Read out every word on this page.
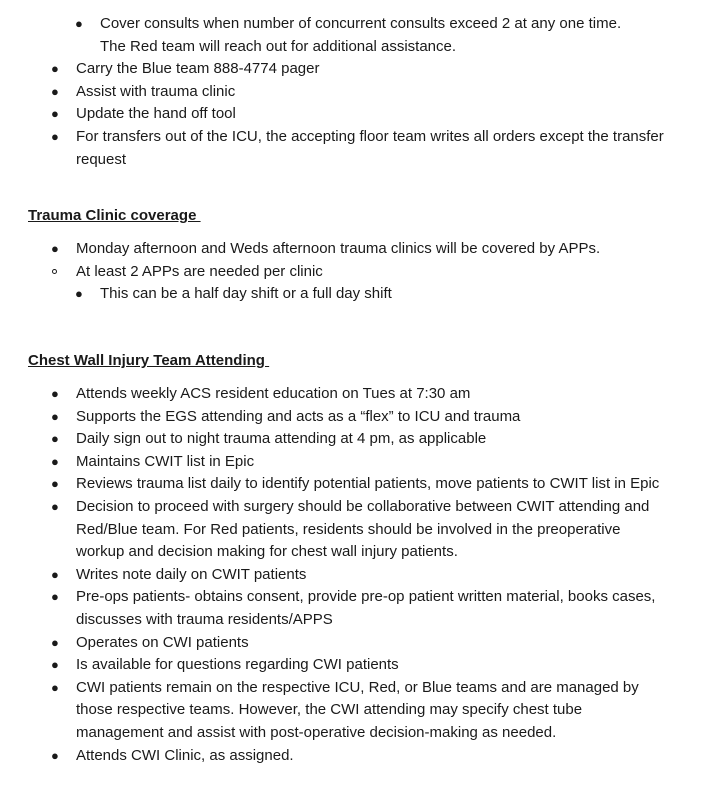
● Cover consults when number of concurrent consults exceed 2 at any one time. The Red team will reach out for additional assistance.
● Carry the Blue team 888-4774 pager
● Assist with trauma clinic
● Update the hand off tool
● For transfers out of the ICU, the accepting floor team writes all orders except the transfer request
Trauma Clinic coverage
● Monday afternoon and Weds afternoon trauma clinics will be covered by APPs.
At least 2 APPs are needed per clinic
● This can be a half day shift or a full day shift
Chest Wall Injury Team Attending
● Attends weekly ACS resident education on Tues at 7:30 am
● Supports the EGS attending and acts as a “flex” to ICU and trauma
● Daily sign out to night trauma attending at 4 pm, as applicable
● Maintains CWIT list in Epic
● Reviews trauma list daily to identify potential patients, move patients to CWIT list in Epic
● Decision to proceed with surgery should be collaborative between CWIT attending and Red/Blue team. For Red patients, residents should be involved in the preoperative workup and decision making for chest wall injury patients.
● Writes note daily on CWIT patients
● Pre-ops patients- obtains consent, provide pre-op patient written material, books cases, discusses with trauma residents/APPS
● Operates on CWI patients
● Is available for questions regarding CWI patients
● CWI patients remain on the respective ICU, Red, or Blue teams and are managed by those respective teams. However, the CWI attending may specify chest tube management and assist with post-operative decision-making as needed.
● Attends CWI Clinic, as assigned.
